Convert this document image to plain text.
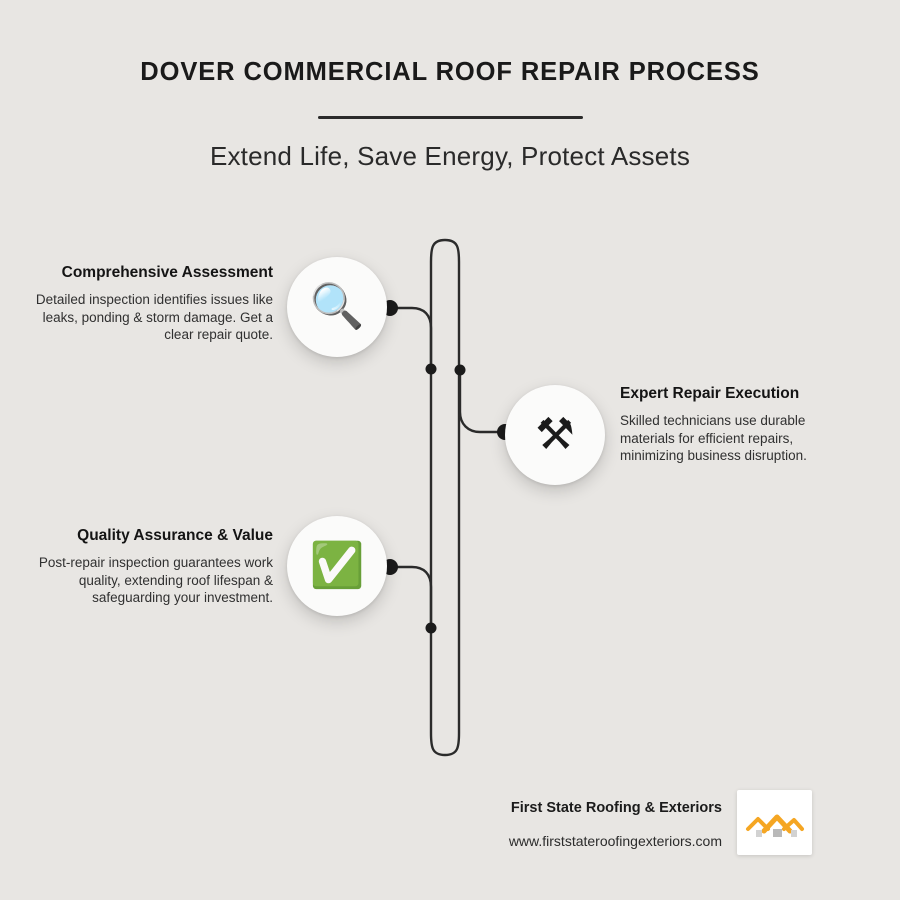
DOVER COMMERCIAL ROOF REPAIR PROCESS
Extend Life, Save Energy, Protect Assets
🔍
Comprehensive Assessment

Detailed inspection identifies issues like leaks, ponding & storm damage. Get a clear repair quote.

⚒
Expert Repair Execution

Skilled technicians use durable materials for efficient repairs, minimizing business disruption.

✅
Quality Assurance & Value

Post-repair inspection guarantees work quality, extending roof lifespan & safeguarding your investment.

First State Roofing & Exteriors
www.firststateroofingexteriors.com
